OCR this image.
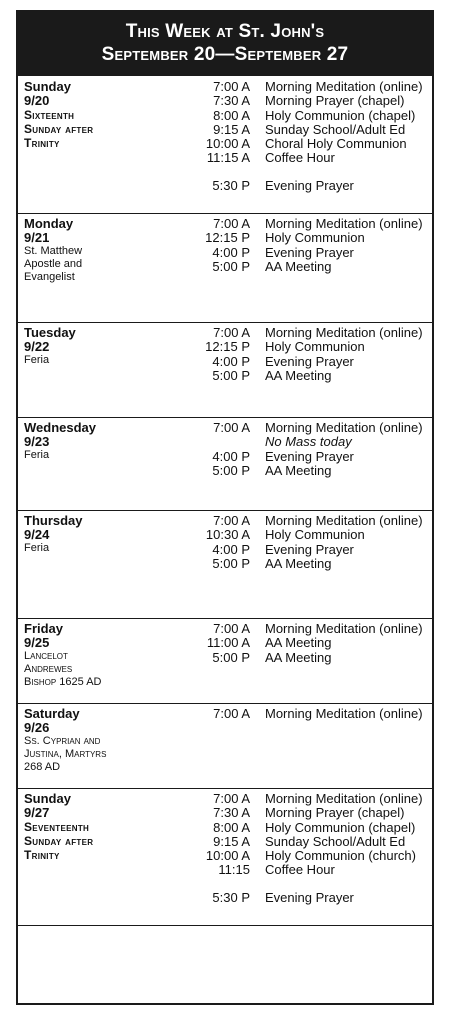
This Week at St. John's
September 20—September 27
Sunday
9/20
Sixteenth
Sunday after
Trinity
7:00 A
7:30 A
8:00 A
9:15 A
10:00 A
11:15 A
5:30 P
Morning Meditation (online)
Morning Prayer (chapel)
Holy Communion (chapel)
Sunday School/Adult Ed
Choral Holy Communion
Coffee Hour
Evening Prayer
Monday
9/21
St. Matthew
Apostle and
Evangelist
7:00 A
12:15 P
4:00 P
5:00 P
Morning Meditation (online)
Holy Communion
Evening Prayer
AA Meeting
Tuesday
9/22
Feria
7:00 A
12:15 P
4:00 P
5:00 P
Morning Meditation (online)
Holy Communion
Evening Prayer
AA Meeting
Wednesday
9/23
Feria
7:00 A
4:00 P
5:00 P
Morning Meditation (online)
No Mass today
Evening Prayer
AA Meeting
Thursday
9/24
Feria
7:00 A
10:30 A
4:00 P
5:00 P
Morning Meditation (online)
Holy Communion
Evening Prayer
AA Meeting
Friday
9/25
Lancelot
Andrewes
Bishop 1625 AD
7:00 A
11:00 A
5:00 P
Morning Meditation (online)
AA Meeting
AA Meeting
Saturday
9/26
Ss. Cyprian and
Justina, Martyrs
268 AD
7:00 A Morning Meditation (online)
Sunday
9/27
Seventeenth
Sunday after
Trinity
7:00 A
7:30 A
8:00 A
9:15 A
10:00 A
11:15
5:30 P
Morning Meditation (online)
Morning Prayer (chapel)
Holy Communion (chapel)
Sunday School/Adult Ed
Holy Communion (church)
Coffee Hour
Evening Prayer
